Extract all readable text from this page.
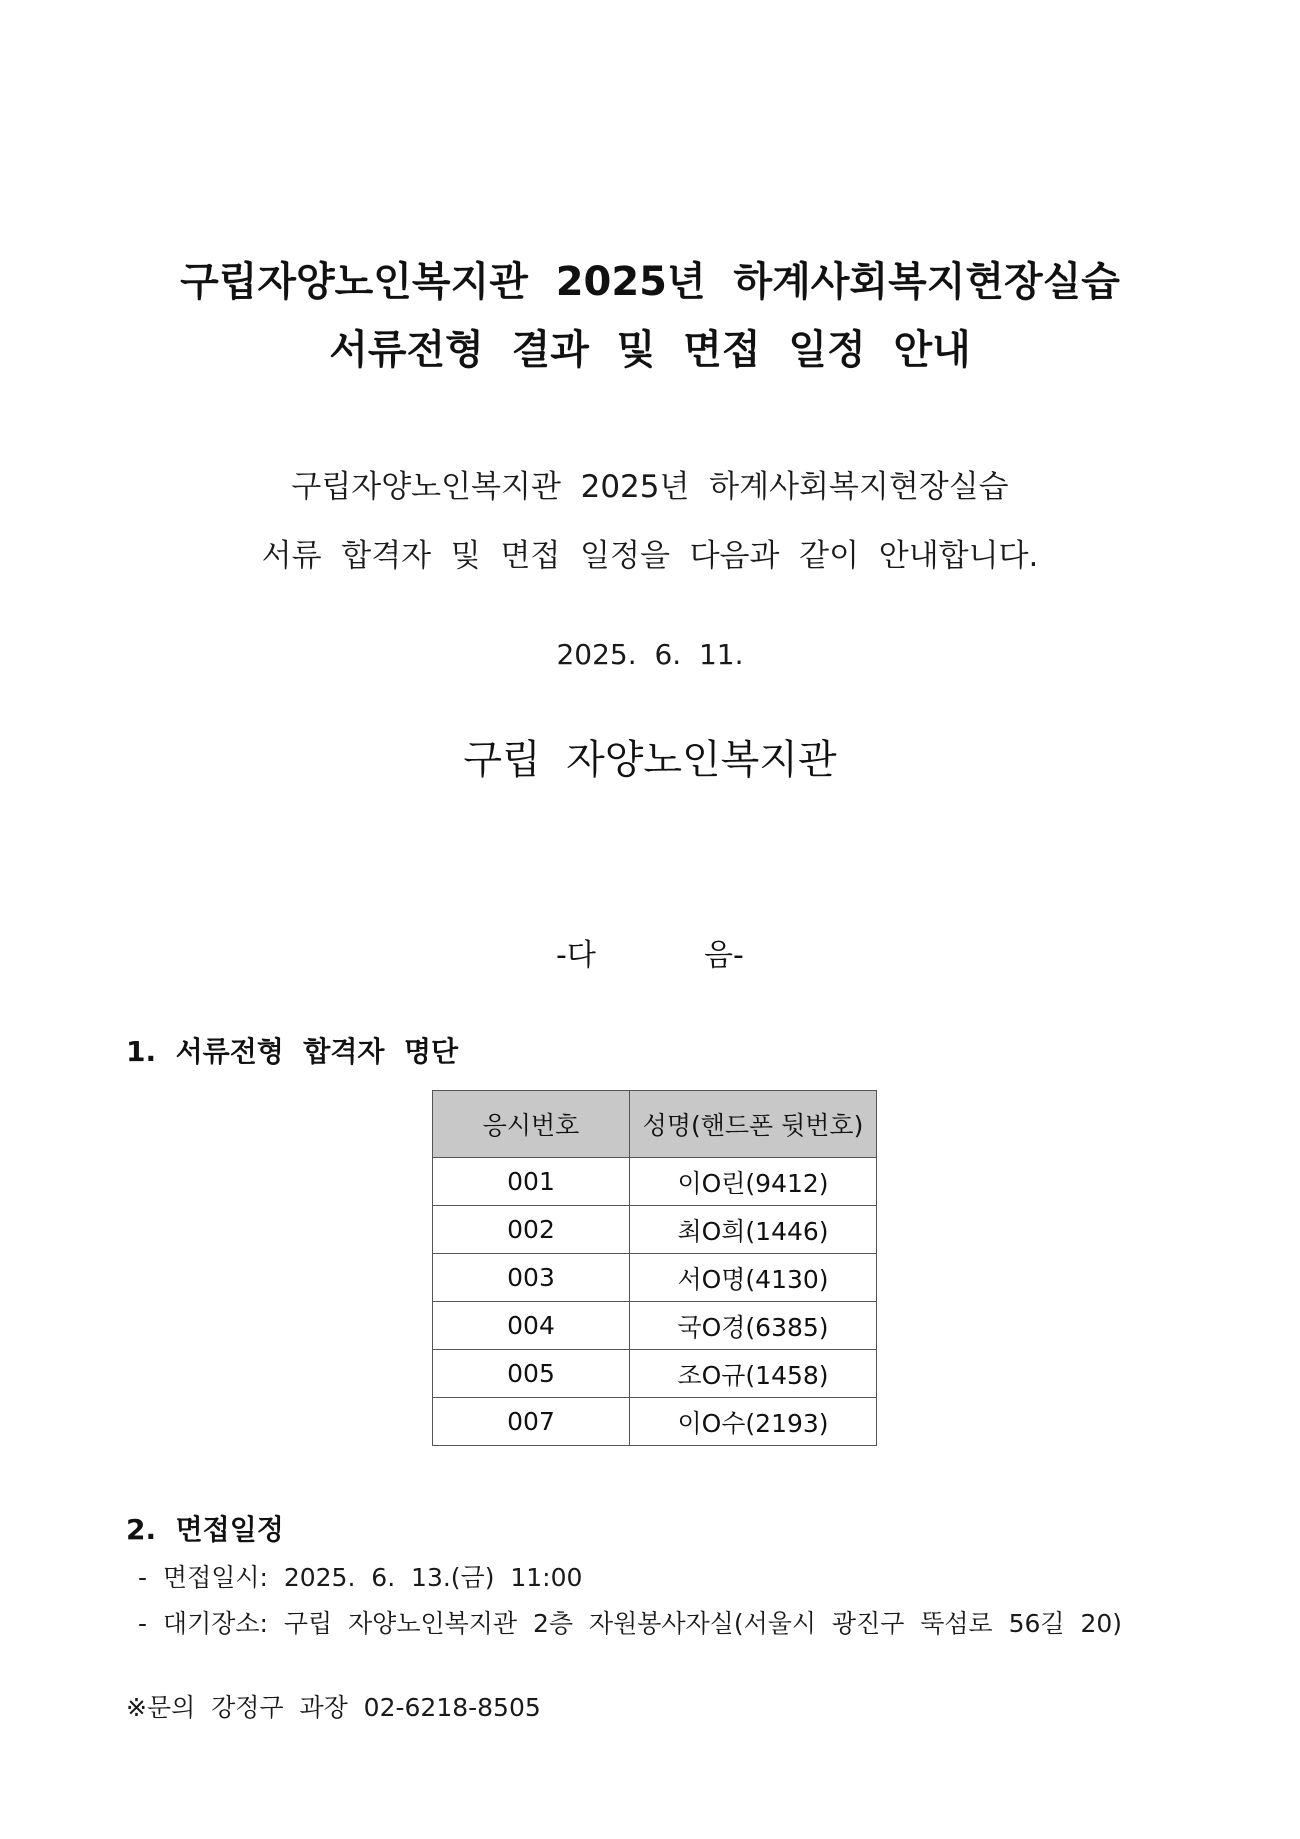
구립자양노인복지관  2025년  하계사회복지현장실습
서류전형  결과  및  면접  일정  안내
구립자양노인복지관  2025년  하계사회복지현장실습
서류  합격자  및  면접  일정을  다음과  같이  안내합니다.
2025.  6.  11.
구립  자양노인복지관
-다	음-
1.  서류전형  합격자  명단
응시번호	성명(핸드폰 뒷번호)
001	이O린(9412)
002	최O희(1446)
003	서O명(4130)
004	국O경(6385)
005	조O규(1458)
007	이O수(2193)
2.  면접일정
-  면접일시:  2025.  6.  13.(금)  11:00
-  대기장소:  구립  자양노인복지관  2층  자원봉사자실(서울시  광진구  뚝섬로  56길  20)
※문의  강정구  과장  02-6218-8505
